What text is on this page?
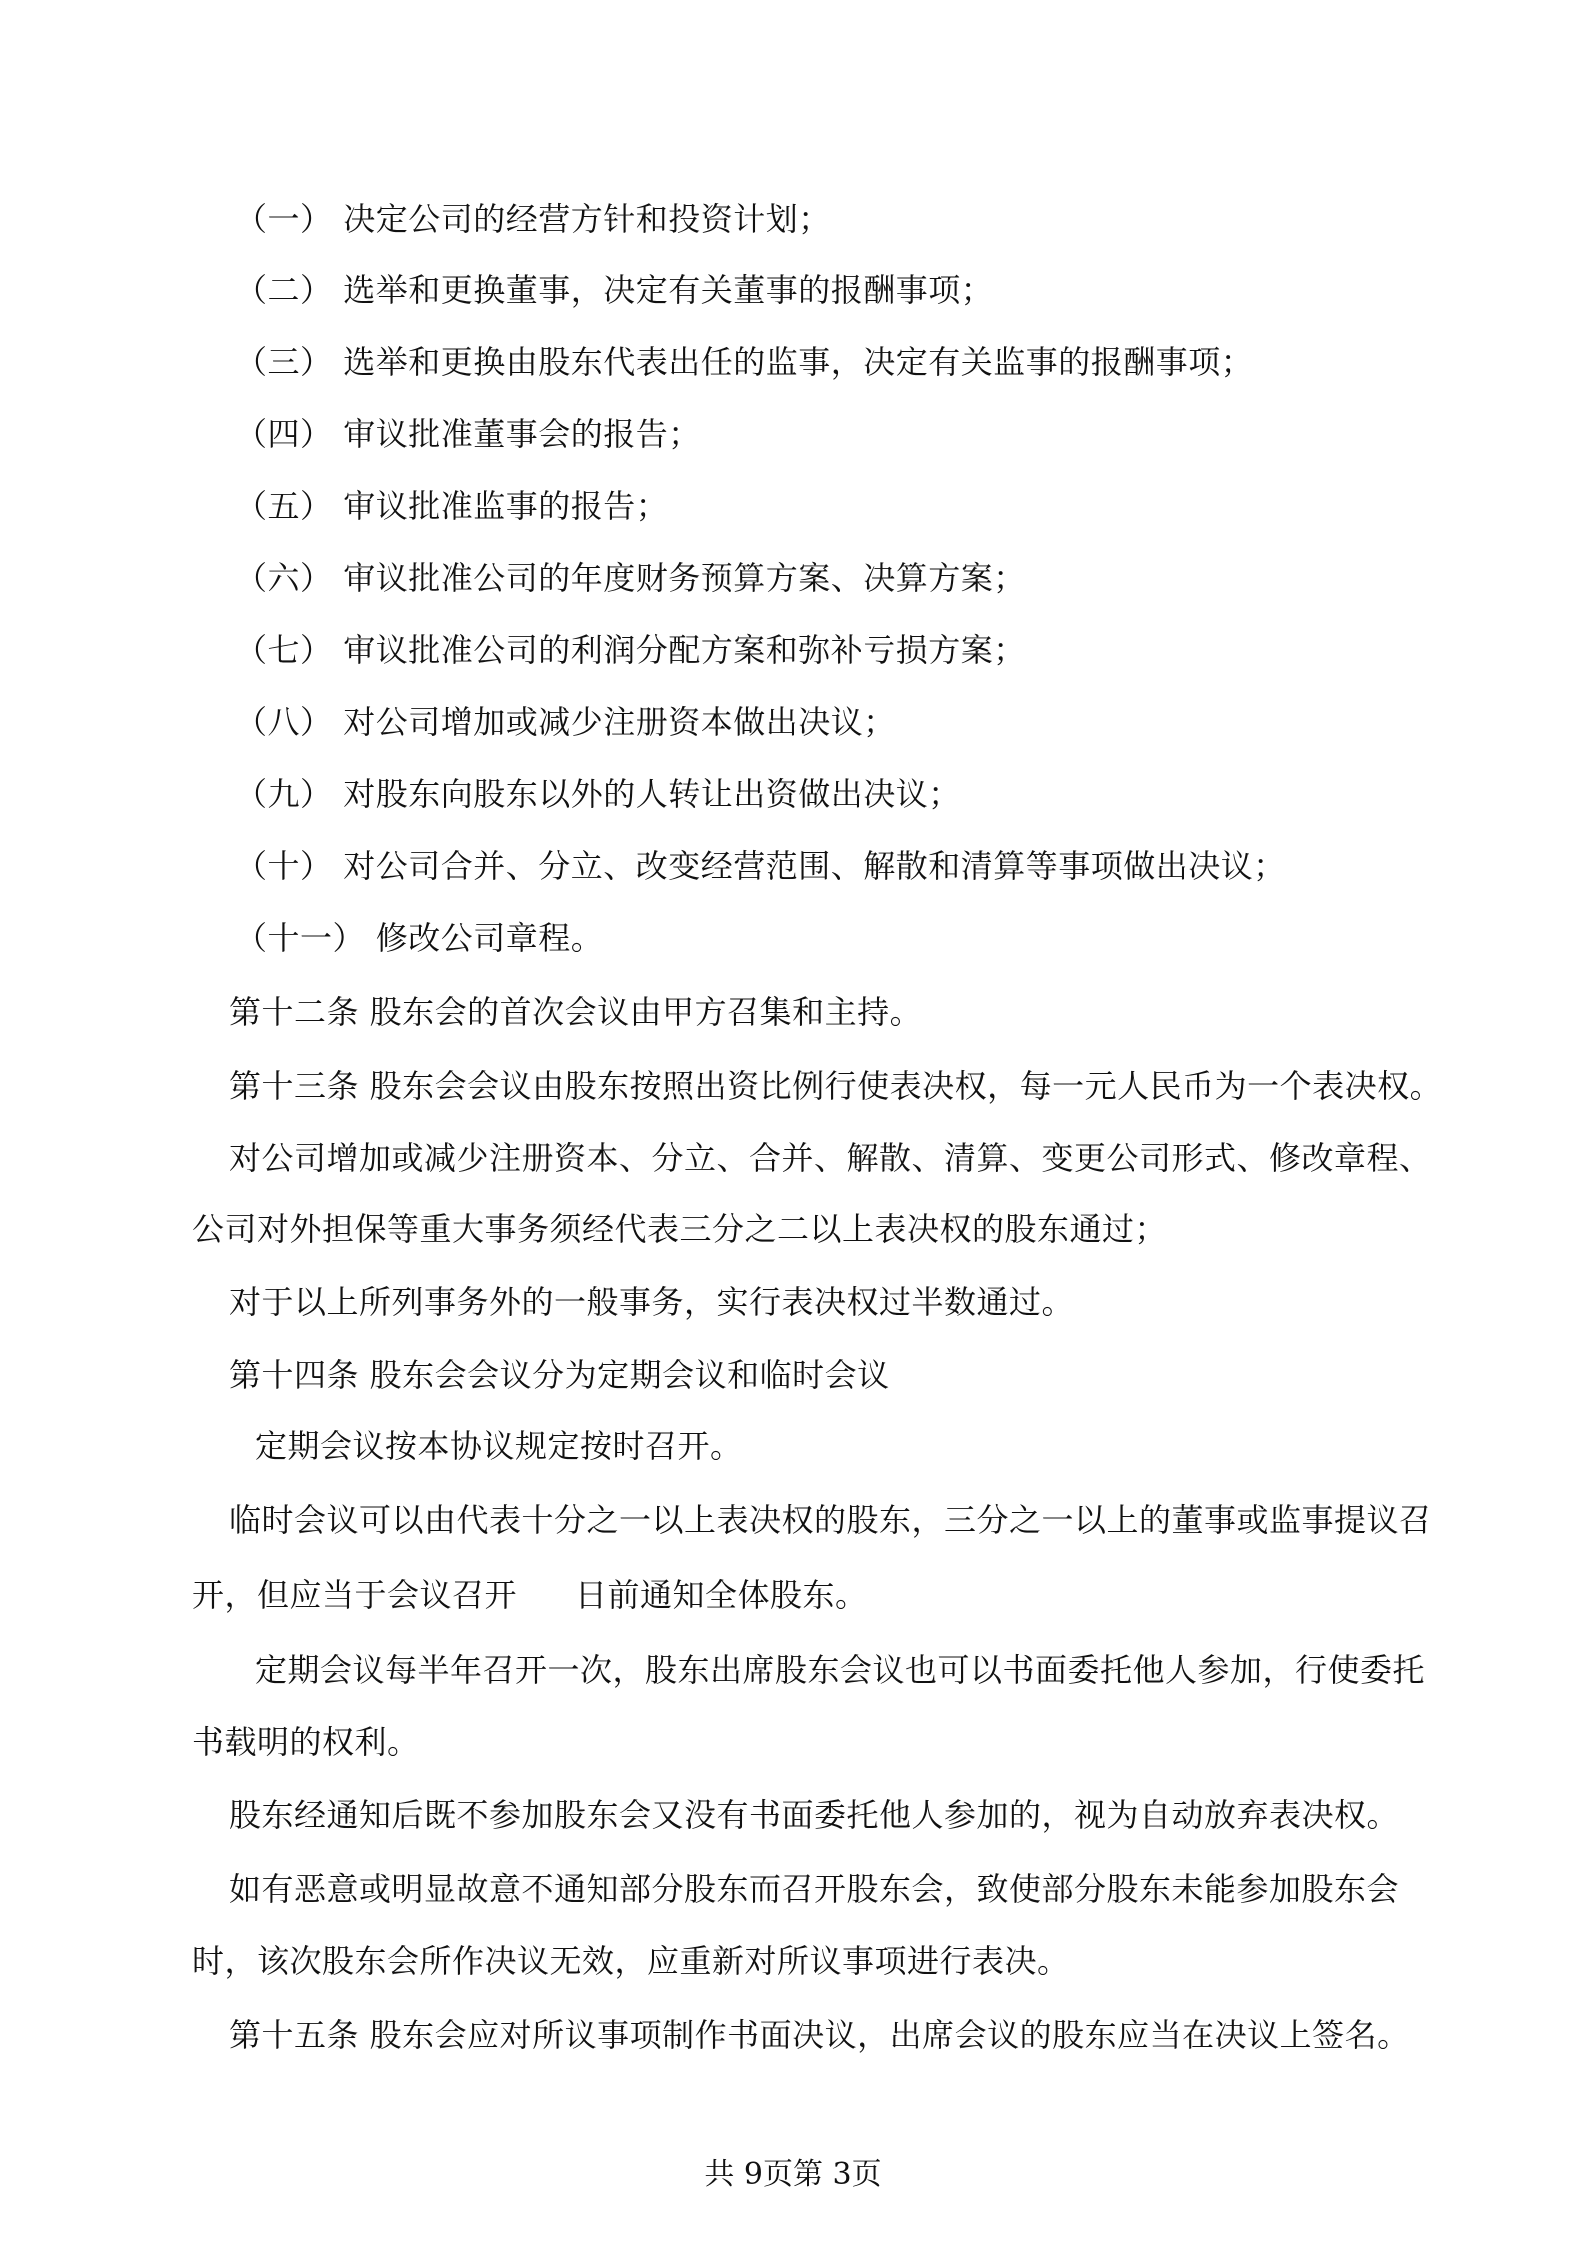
（一） 决定公司的经营方针和投资计划；
（二） 选举和更换董事，决定有关董事的报酬事项；
（三） 选举和更换由股东代表出任的监事，决定有关监事的报酬事项；
（四） 审议批准董事会的报告；
（五） 审议批准监事的报告；
（六） 审议批准公司的年度财务预算方案、决算方案；
（七） 审议批准公司的利润分配方案和弥补亏损方案；
（八） 对公司增加或减少注册资本做出决议；
（九） 对股东向股东以外的人转让出资做出决议；
（十） 对公司合并、分立、改变经营范围、解散和清算等事项做出决议；
（十一） 修改公司章程。
第十二条 股东会的首次会议由甲方召集和主持。
第十三条 股东会会议由股东按照出资比例行使表决权，每一元人民币为一个表决权。
对公司增加或减少注册资本、分立、合并、解散、清算、变更公司形式、修改章程、
公司对外担保等重大事务须经代表三分之二以上表决权的股东通过；
对于以上所列事务外的一般事务，实行表决权过半数通过。
第十四条 股东会会议分为定期会议和临时会议
定期会议按本协议规定按时召开。
临时会议可以由代表十分之一以上表决权的股东，三分之一以上的董事或监事提议召
开，但应当于会议召开 日前通知全体股东。
定期会议每半年召开一次，股东出席股东会议也可以书面委托他人参加，行使委托
书载明的权利。
股东经通知后既不参加股东会又没有书面委托他人参加的，视为自动放弃表决权。
如有恶意或明显故意不通知部分股东而召开股东会，致使部分股东未能参加股东会
时，该次股东会所作决议无效，应重新对所议事项进行表决。
第十五条 股东会应对所议事项制作书面决议，出席会议的股东应当在决议上签名。
共 9页第 3页
